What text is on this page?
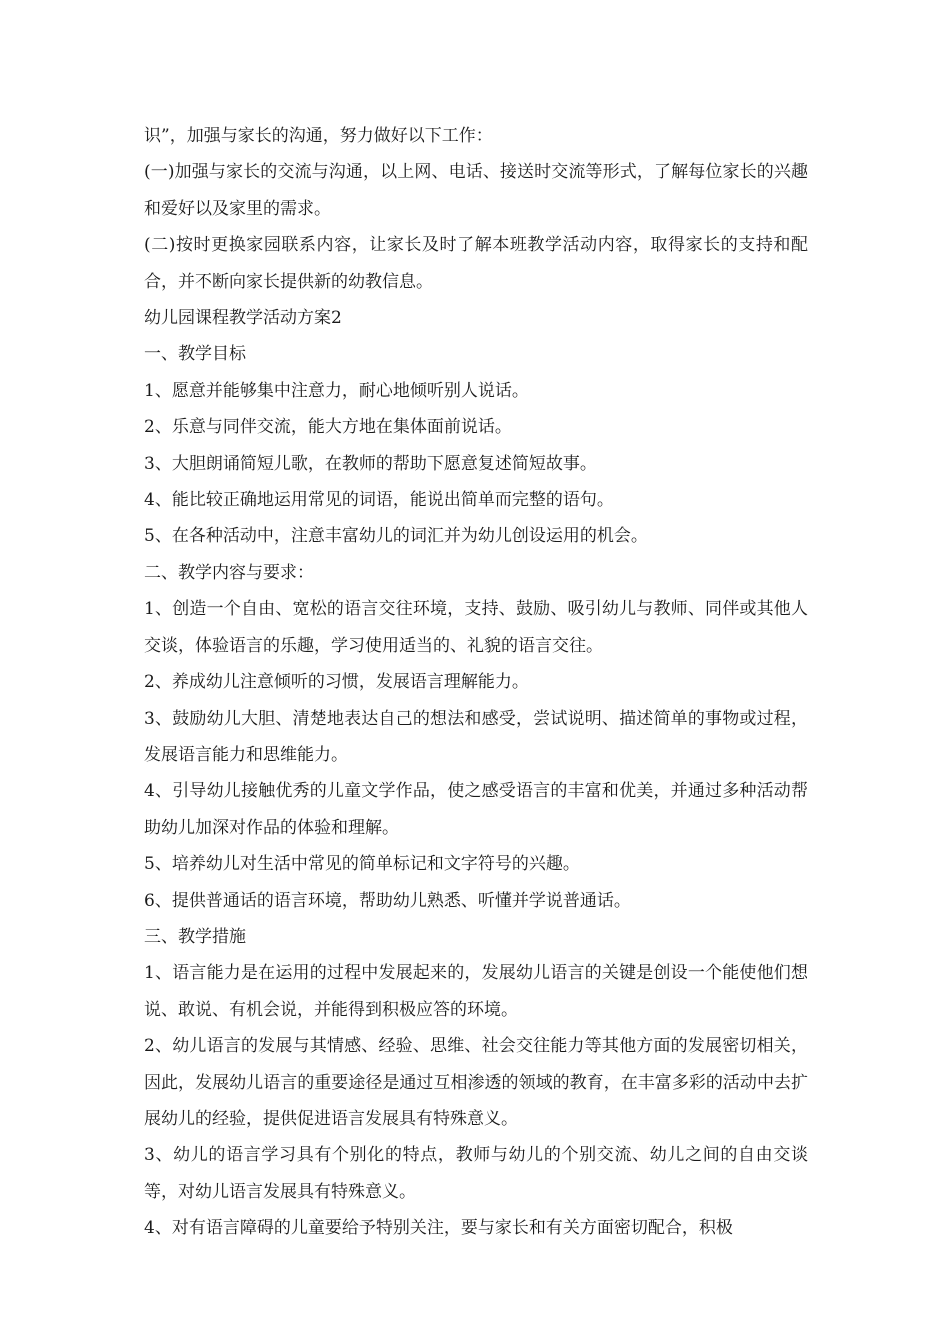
识”，加强与家长的沟通，努力做好以下工作：

(一)加强与家长的交流与沟通，以上网、电话、接送时交流等形式，了解每位家长的兴趣和爱好以及家里的需求。

(二)按时更换家园联系内容，让家长及时了解本班教学活动内容，取得家长的支持和配合，并不断向家长提供新的幼教信息。

幼儿园课程教学活动方案2

一、教学目标

1、愿意并能够集中注意力，耐心地倾听别人说话。

2、乐意与同伴交流，能大方地在集体面前说话。

3、大胆朗诵简短儿歌，在教师的帮助下愿意复述简短故事。

4、能比较正确地运用常见的词语，能说出简单而完整的语句。

5、在各种活动中，注意丰富幼儿的词汇并为幼儿创设运用的机会。

二、教学内容与要求：

1、创造一个自由、宽松的语言交往环境，支持、鼓励、吸引幼儿与教师、同伴或其他人交谈，体验语言的乐趣，学习使用适当的、礼貌的语言交往。

2、养成幼儿注意倾听的习惯，发展语言理解能力。

3、鼓励幼儿大胆、清楚地表达自己的想法和感受，尝试说明、描述简单的事物或过程，发展语言能力和思维能力。

4、引导幼儿接触优秀的儿童文学作品，使之感受语言的丰富和优美，并通过多种活动帮助幼儿加深对作品的体验和理解。

5、培养幼儿对生活中常见的简单标记和文字符号的兴趣。

6、提供普通话的语言环境，帮助幼儿熟悉、听懂并学说普通话。

三、教学措施

1、语言能力是在运用的过程中发展起来的，发展幼儿语言的关键是创设一个能使他们想说、敢说、有机会说，并能得到积极应答的环境。

2、幼儿语言的发展与其情感、经验、思维、社会交往能力等其他方面的发展密切相关，因此，发展幼儿语言的重要途径是通过互相渗透的领域的教育，在丰富多彩的活动中去扩展幼儿的经验，提供促进语言发展具有特殊意义。

3、幼儿的语言学习具有个别化的特点，教师与幼儿的个别交流、幼儿之间的自由交谈等，对幼儿语言发展具有特殊意义。

4、对有语言障碍的儿童要给予特别关注，要与家长和有关方面密切配合，积极
